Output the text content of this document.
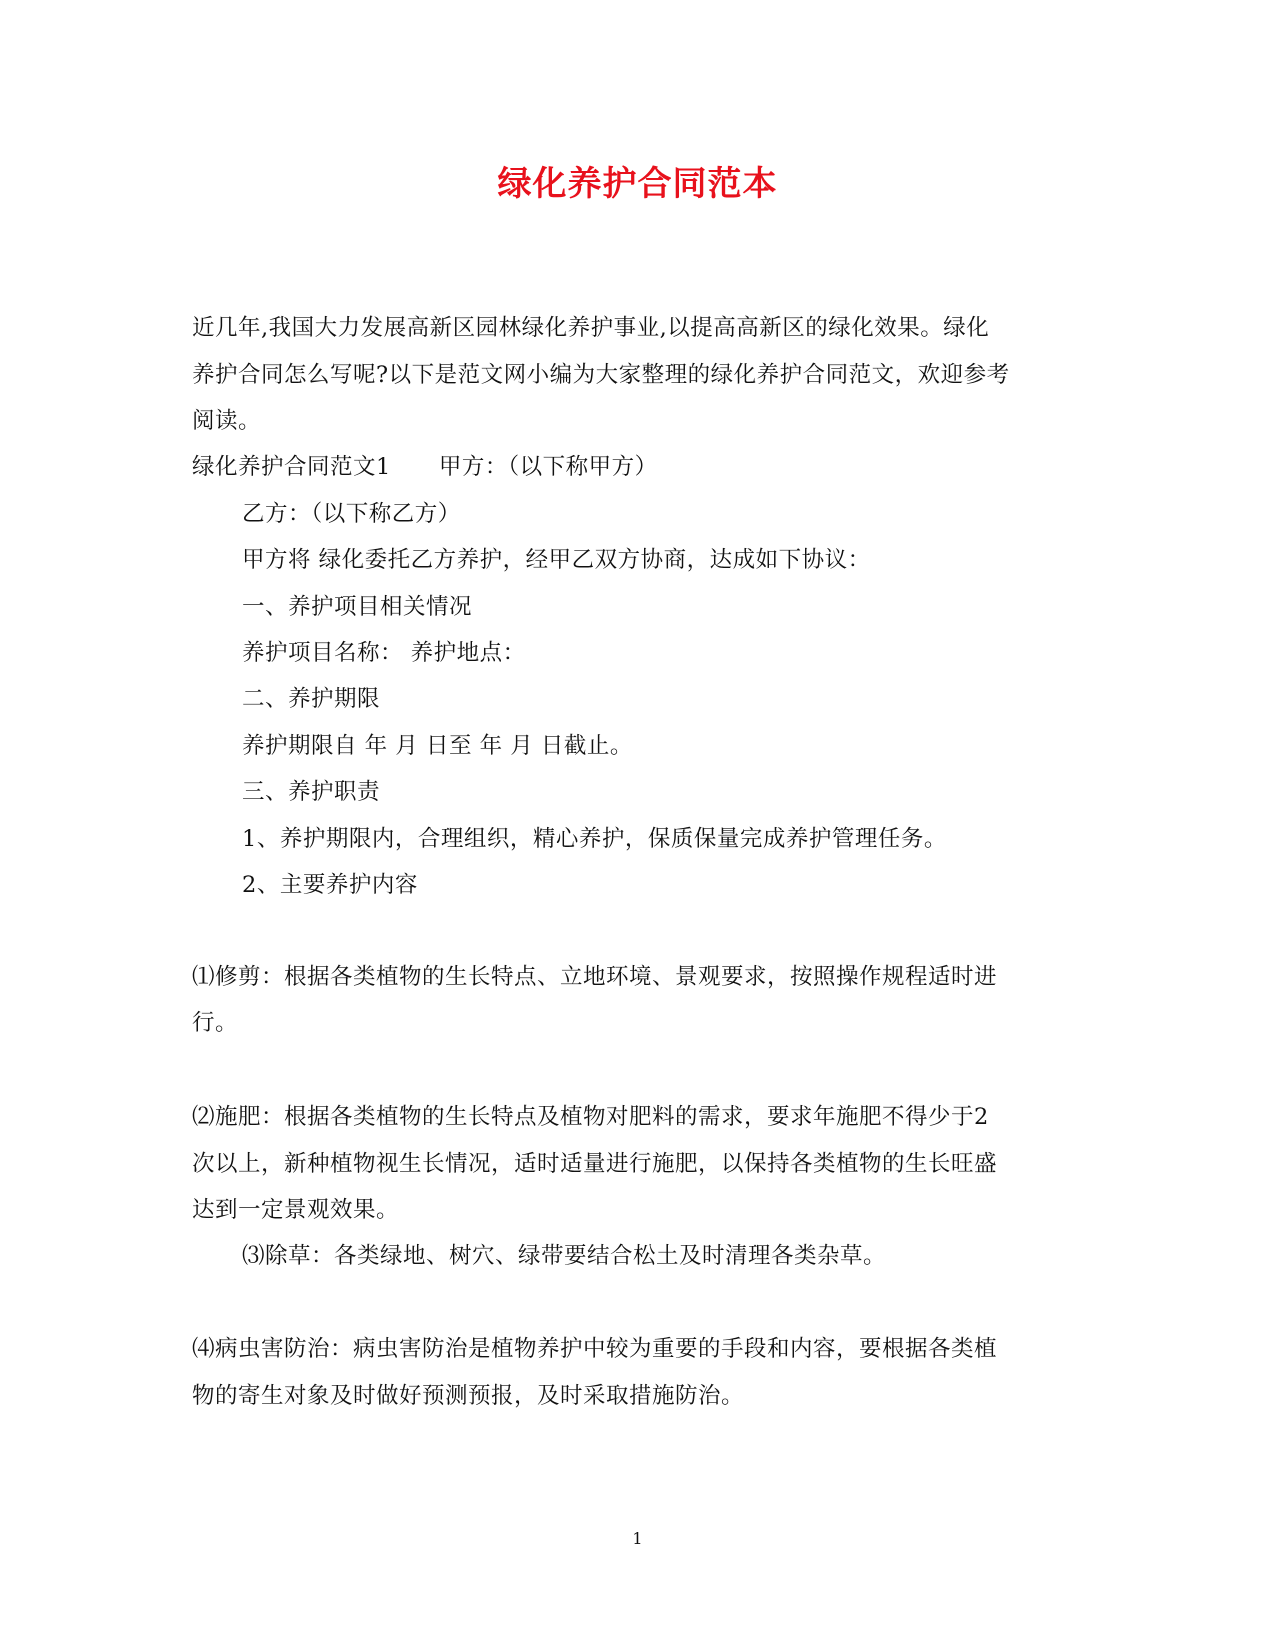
绿化养护合同范本
近几年,我国大力发展高新区园林绿化养护事业,以提高高新区的绿化效果。绿化
养护合同怎么写呢?以下是范文网小编为大家整理的绿化养护合同范文，欢迎参考
阅读。
绿化养护合同范文1 甲方：（以下称甲方）
乙方：（以下称乙方）
甲方将 绿化委托乙方养护，经甲乙双方协商，达成如下协议：
一、养护项目相关情况
养护项目名称： 养护地点：
二、养护期限
养护期限自 年 月 日至 年 月 日截止。
三、养护职责
1、养护期限内，合理组织，精心养护，保质保量完成养护管理任务。
2、主要养护内容
⑴修剪：根据各类植物的生长特点、立地环境、景观要求，按照操作规程适时进
行。
⑵施肥：根据各类植物的生长特点及植物对肥料的需求，要求年施肥不得少于2
次以上，新种植物视生长情况，适时适量进行施肥，以保持各类植物的生长旺盛
达到一定景观效果。
⑶除草：各类绿地、树穴、绿带要结合松土及时清理各类杂草。
⑷病虫害防治：病虫害防治是植物养护中较为重要的手段和内容，要根据各类植
物的寄生对象及时做好预测预报，及时采取措施防治。
1
